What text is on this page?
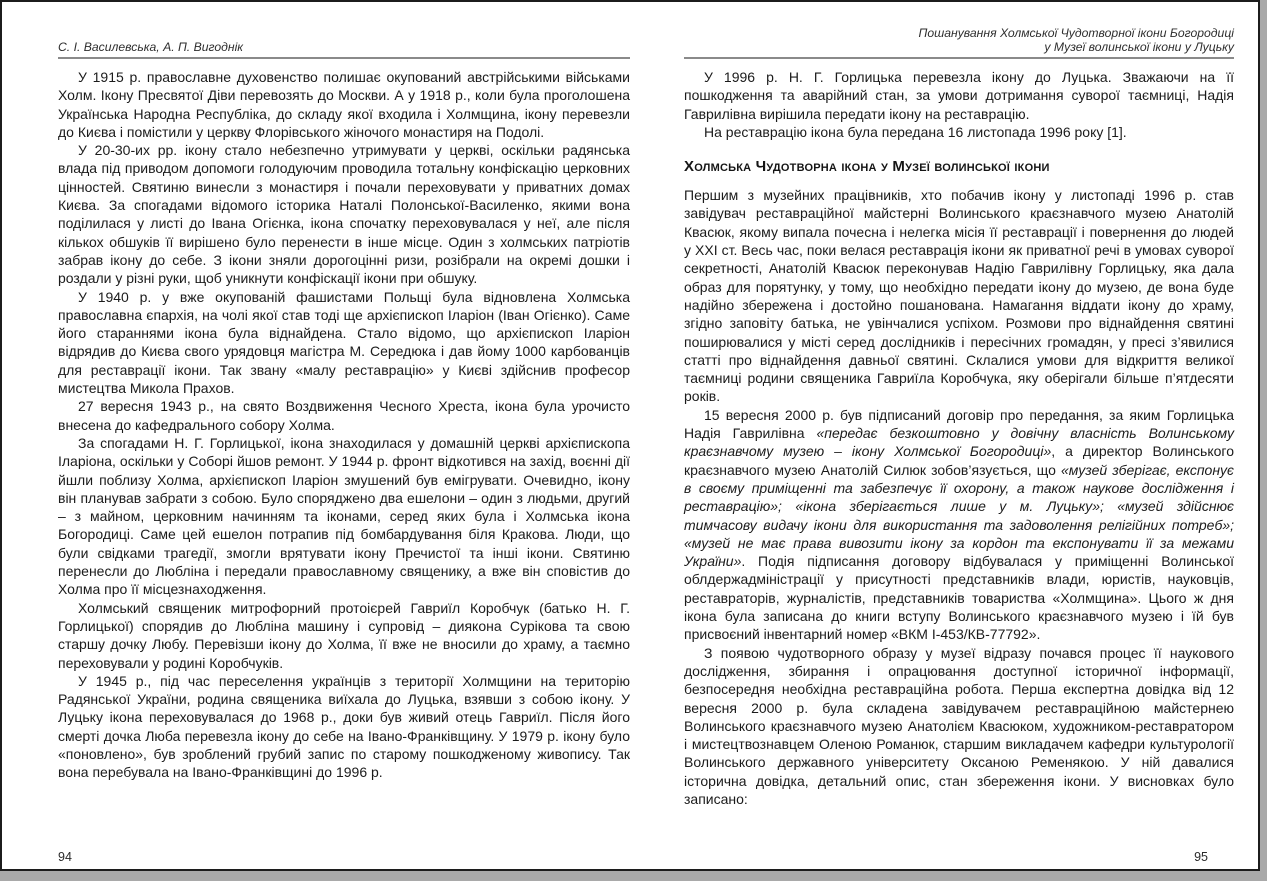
С. І. Василевська, А. П. Вигоднік

У 1915 р. православне духовенство полишає окупований австрійськими військами Холм. Ікону Пресвятої Діви перевозять до Москви. А у 1918 р., коли була проголошена Українська Народна Республіка, до складу якої входила і Холмщина, ікону перевезли до Києва і помістили у церкву Флорівського жіночого монастиря на Подолі.

У 20-30-их рр. ікону стало небезпечно утримувати у церкві, оскільки радянська влада під приводом допомоги голодуючим проводила тотальну конфіскацію церковних цінностей. Святиню винесли з монастиря і почали переховувати у приватних домах Києва. За спогадами відомого історика Наталі Полонської-Василенко, якими вона поділилася у листі до Івана Огієнка, ікона спочатку переховувалася у неї, але після кількох обшуків її вирішено було перенести в інше місце. Один з холмських патріотів забрав ікону до себе. З ікони зняли дорогоцінні ризи, розібрали на окремі дошки і роздали у різні руки, щоб уникнути конфіскації ікони при обшуку.

У 1940 р. у вже окупованій фашистами Польщі була відновлена Холмська православна єпархія, на чолі якої став тоді ще архієпископ Іларіон (Іван Огієнко). Саме його стараннями ікона була віднайдена. Стало відомо, що архієпископ Іларіон відрядив до Києва свого урядовця магістра М. Середюка і дав йому 1000 карбованців для реставрації ікони. Так звану «малу реставрацію» у Києві здійснив професор мистецтва Микола Прахов.

27 вересня 1943 р., на свято Воздвиження Чесного Хреста, ікона була урочисто внесена до кафедрального собору Холма.

За спогадами Н. Г. Горлицької, ікона знаходилася у домашній церкві архієпископа Іларіона, оскільки у Соборі йшов ремонт. У 1944 р. фронт відкотився на захід, воєнні дії йшли поблизу Холма, архієпископ Іларіон змушений був емігрувати. Очевидно, ікону він планував забрати з собою. Було споряджено два ешелони – один з людьми, другий – з майном, церковним начинням та іконами, серед яких була і Холмська ікона Богородиці. Саме цей ешелон потрапив під бомбардування біля Кракова. Люди, що були свідками трагедії, змогли врятувати ікону Пречистої та інші ікони. Святиню перенесли до Любліна і передали православному священику, а вже він сповістив до Холма про її місцезнаходження.

Холмський священик митрофорний протоієрей Гавриїл Коробчук (батько Н. Г. Горлицької) спорядив до Любліна машину і супровід – диякона Сурікова та свою старшу дочку Любу. Перевізши ікону до Холма, її вже не вносили до храму, а таємно переховували у родині Коробчуків.

У 1945 р., під час переселення українців з території Холмщини на територію Радянської України, родина священика виїхала до Луцька, взявши з собою ікону. У Луцьку ікона переховувалася до 1968 р., доки був живий отець Гавриїл. Після його смерті дочка Люба перевезла ікону до себе на Івано-Франківщину. У 1979 р. ікону було «поновлено», був зроблений грубий запис по старому пошкодженому живопису. Так вона перебувала на Івано-Франківщині до 1996 р.

Пошанування Холмської Чудотворної ікони Богородиці
у Музеї волинської ікони у Луцьку

У 1996 р. Н. Г. Горлицька перевезла ікону до Луцька. Зважаючи на її пошкодження та аварійний стан, за умови дотримання суворої таємниці, Надія Гаврилівна вирішила передати ікону на реставрацію.

На реставрацію ікона була передана 16 листопада 1996 року [1].

Холмська Чудотворна ікона у Музеї волинської ікони

Першим з музейних працівників, хто побачив ікону у листопаді 1996 р. став завідувач реставраційної майстерні Волинського краєзнавчого музею Анатолій Квасюк, якому випала почесна і нелегка місія її реставрації і повернення до людей у XXI ст. Весь час, поки велася реставрація ікони як приватної речі в умовах суворої секретності, Анатолій Квасюк переконував Надію Гаврилівну Горлицьку, яка дала образ для порятунку, у тому, що необхідно передати ікону до музею, де вона буде надійно збережена і достойно пошанована. Намагання віддати ікону до храму, згідно заповіту батька, не увінчалися успіхом. Розмови про віднайдення святині поширювалися у місті серед дослідників і пересічних громадян, у пресі з’явилися статті про віднайдення давньої святині. Склалися умови для відкриття великої таємниці родини священика Гавриїла Коробчука, яку оберігали більше п’ятдесяти років.

15 вересня 2000 р. був підписаний договір про передання, за яким Горлицька Надія Гаврилівна «передає безкоштовно у довічну власність Волинському краєзнавчому музею – ікону Холмської Богородиці», а директор Волинського краєзнавчого музею Анатолій Силюк зобов’язується, що «музей зберігає, експонує в своєму приміщенні та забезпечує її охорону, а також наукове дослідження і реставрацію»; «ікона зберігається лише у м. Луцьку»; «музей здійснює тимчасову видачу ікони для використання та задоволення релігійних потреб»; «музей не має права вивозити ікону за кордон та експонувати її за межами України». Подія підписання договору відбувалася у приміщенні Волинської облдержадміністрації у присутності представників влади, юристів, науковців, реставраторів, журналістів, представників товариства «Холмщина». Цього ж дня ікона була записана до книги вступу Волинського краєзнавчого музею і їй був присвоєний інвентарний номер «ВКМ І-453/КВ-77792».

З появою чудотворного образу у музеї відразу почався процес її наукового дослідження, збирання і опрацювання доступної історичної інформації, безпосередня необхідна реставраційна робота. Перша експертна довідка від 12 вересня 2000 р. була складена завідувачем реставраційною майстернею Волинського краєзнавчого музею Анатолієм Квасюком, художником-реставратором і мистецтвознавцем Оленою Романюк, старшим викладачем кафедри культурології Волинського державного університету Оксаною Ременякою. У ній давалися історична довідка, детальний опис, стан збереження ікони. У висновках було записано:

94	95
